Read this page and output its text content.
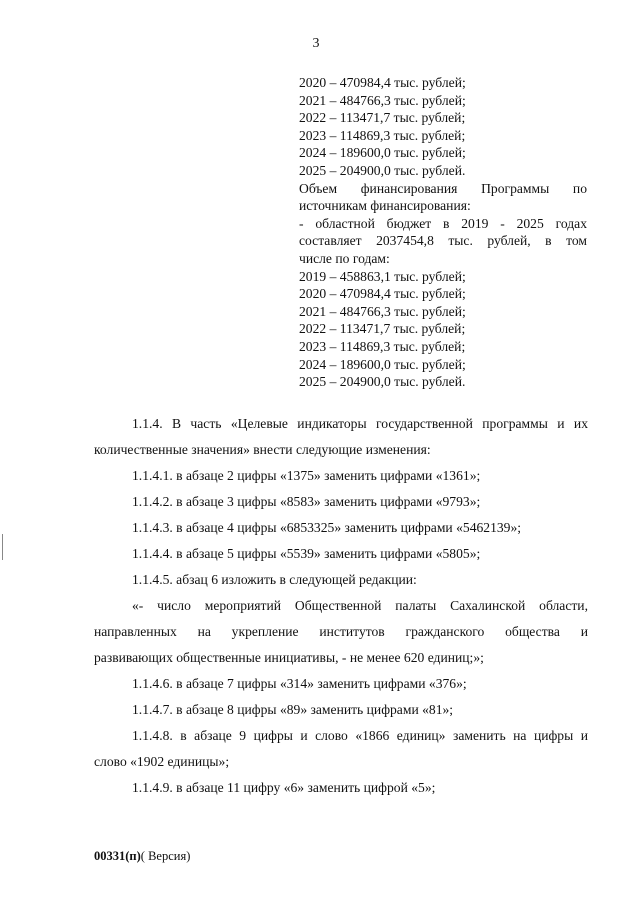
3
2020 – 470984,4 тыс. рублей;
2021 – 484766,3 тыс. рублей;
2022 – 113471,7 тыс. рублей;
2023 – 114869,3 тыс. рублей;
2024 – 189600,0 тыс. рублей;
2025 – 204900,0 тыс. рублей.
Объем финансирования Программы по
источникам финансирования:
- областной бюджет в 2019 - 2025 годах
составляет 2037454,8 тыс. рублей, в том
числе по годам:
2019 – 458863,1 тыс. рублей;
2020 – 470984,4 тыс. рублей;
2021 – 484766,3 тыс. рублей;
2022 – 113471,7 тыс. рублей;
2023 – 114869,3 тыс. рублей;
2024 – 189600,0 тыс. рублей;
2025 – 204900,0 тыс. рублей.

1.1.4. В часть «Целевые индикаторы государственной программы и их

количественные значения» внести следующие изменения:

1.1.4.1. в абзаце 2 цифры «1375» заменить цифрами «1361»;

1.1.4.2. в абзаце 3 цифры «8583» заменить цифрами «9793»;

1.1.4.3. в абзаце 4 цифры «6853325» заменить цифрами «5462139»;

1.1.4.4. в абзаце 5 цифры «5539» заменить цифрами «5805»;

1.1.4.5. абзац 6 изложить в следующей редакции:

«- число мероприятий Общественной палаты Сахалинской области,

направленных на укрепление институтов гражданского общества и

развивающих общественные инициативы, - не менее 620 единиц;»;

1.1.4.6. в абзаце 7 цифры «314» заменить цифрами «376»;

1.1.4.7. в абзаце 8 цифры «89» заменить цифрами «81»;

1.1.4.8. в абзаце 9 цифры и слово «1866 единиц» заменить на цифры и

слово «1902 единицы»;

1.1.4.9. в абзаце 11 цифру «6» заменить цифрой «5»;

00331(п)( Версия)
